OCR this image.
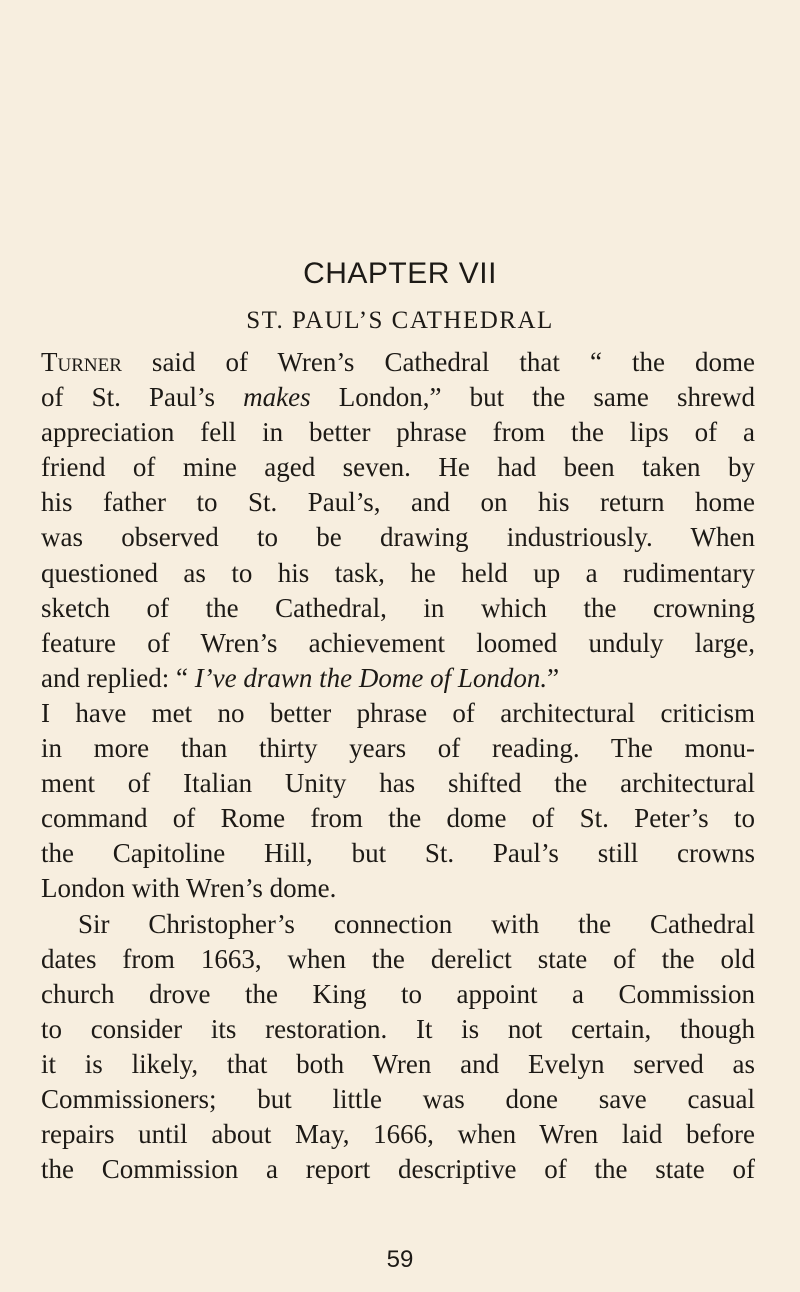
CHAPTER VII
ST. PAUL’S CATHEDRAL
Turner said of Wren’s Cathedral that “ the dome
of St. Paul’s makes London,” but the same shrewd
appreciation fell in better phrase from the lips of a
friend of mine aged seven. He had been taken by
his father to St. Paul’s, and on his return home
was observed to be drawing industriously. When
questioned as to his task, he held up a rudimentary
sketch of the Cathedral, in which the crowning
feature of Wren’s achievement loomed unduly large,
and replied: “ I’ve drawn the Dome of London.”
I have met no better phrase of architectural criticism
in more than thirty years of reading. The monu-
ment of Italian Unity has shifted the architectural
command of Rome from the dome of St. Peter’s to
the Capitoline Hill, but St. Paul’s still crowns
London with Wren’s dome.
Sir Christopher’s connection with the Cathedral
dates from 1663, when the derelict state of the old
church drove the King to appoint a Commission
to consider its restoration. It is not certain, though
it is likely, that both Wren and Evelyn served as
Commissioners; but little was done save casual
repairs until about May, 1666, when Wren laid before
the Commission a report descriptive of the state of
59
